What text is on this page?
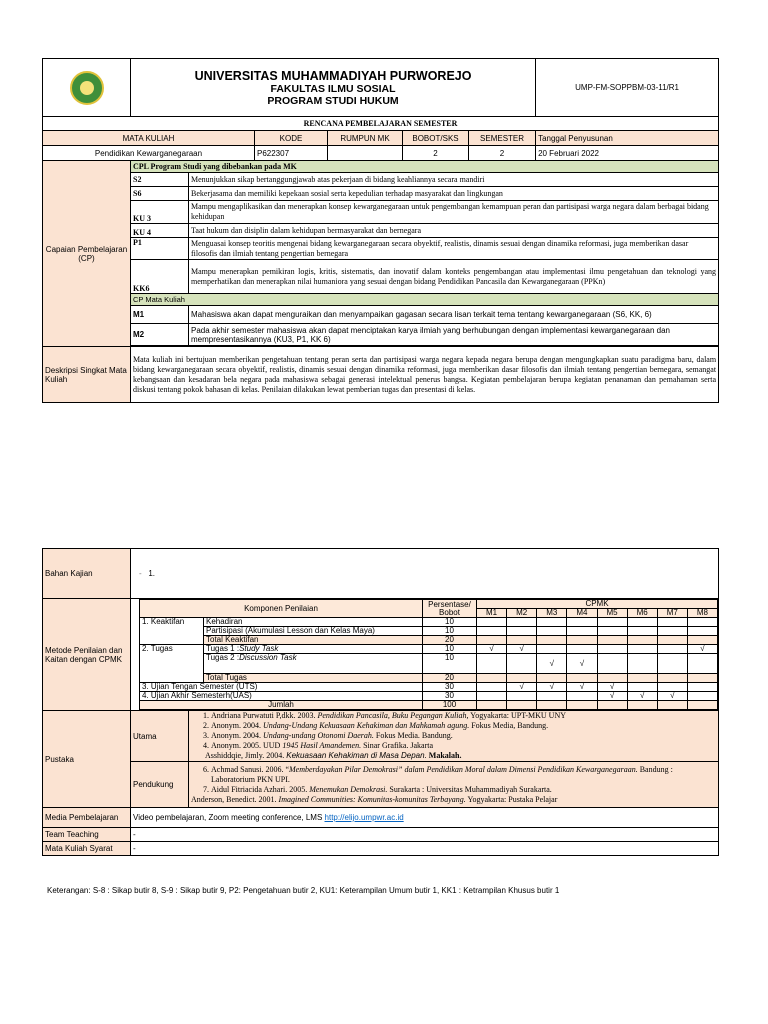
	UNIVERSITAS MUHAMMADIYAH PURWOREJO
FAKULTAS ILMU SOSIAL
PROGRAM STUDI HUKUM						UMP-FM-SOPPBM-03-11/R1
RENCANA PEMBELAJARAN SEMESTER							
MATA KULIAH			KODE	RUMPUN MK	BOBOT/SKS	SEMESTER	Tanggal Penyusunan
Pendidikan Kewarganegaraan			P622307		2	2	20 Februari 2022
Capaian Pembelajaran (CP)	CPL Program Studi yang dibebankan pada MK						
	S2	Menunjukkan sikap bertanggungjawab atas pekerjaan di bidang keahliannya secara mandiri					
	S6	Bekerjasama dan memiliki kepekaan sosial serta kepedulian terhadap masyarakat dan lingkungan					
	KU 3	Mampu mengaplikasikan dan menerapkan konsep kewarganegaraan untuk pengembangan kemampuan peran dan partisipasi warga negara dalam berbagai bidang kehidupan					
	KU 4	Taat hukum dan disiplin dalam kehidupan bermasyarakat dan bernegara					
	P1	Menguasai konsep teoritis mengenai bidang kewarganegaraan secara obyektif, realistis, dinamis sesuai dengan dinamika reformasi, juga memberikan dasar filosofis dan ilmiah tentang pengertian bernegara					
	KK6	Mampu menerapkan pemikiran logis, kritis, sistematis, dan inovatif dalam konteks pengembangan atau implementasi ilmu pengetahuan dan teknologi yang memperhatikan dan menerapkan nilai humaniora yang sesuai dengan bidang Pendidikan Pancasila dan Kewarganegaraan (PPKn)					
	CP Mata Kuliah						
	M1	Mahasiswa akan dapat menguraikan dan menyampaikan gagasan secara lisan terkait tema tentang kewarganegaraan (S6, KK, 6)					
	M2	Pada akhir semester mahasiswa akan dapat menciptakan karya ilmiah yang berhubungan dengan implementasi kewarganegaraan dan mempresentasikannya (KU3, P1, KK 6)					

Deskripsi Singkat Mata Kuliah	Mata kuliah ini bertujuan memberikan pengetahuan tentang peran serta dan partisipasi warga negara kepada negara berupa dengan mengungkapkan suatu paradigma baru, dalam bidang kewarganegaraan secara obyektif, realistis, dinamis sesuai dengan dinamika reformasi, juga memberikan dasar filosofis dan ilmiah tentang pengertian bernegara, semangat kebangsaan dan kesadaran bela negara pada mahasiswa sebagai generasi intelektual penerus bangsa. Kegiatan pembelajaran berupa kegiatan penanaman dan pemahaman serta diskusi tentang pokok bahasan di kelas. Penilaian dilakukan lewat pemberian tugas dan presentasi di kelas.						
Bahan Kajian	- 1.
Metode Penilaian dan Kaitan dengan CPMK	
Komponen Penilaian	Persentase/ Bobot	CPMK
M1	M2	M3	M4	M5	M6	M7	M8
1. Keaktifan	Kehadiran	10								
Partisipasi (Akumulasi Lesson dan Kelas Maya)	10								
Total Keaktifan	20								
2. Tugas	Tugas 1 :Study Task	10	√	√						√
Tugas 2 :Discussion Task	10			√	√				
Total Tugas	20								
3. Ujian Tengan Semester (UTS)	30		√	√	√	√			
4. Ujian Akhir Semesterh(UAS)	30					√	√	√	
Jumlah	100								

Pustaka	Utama	
1. Andriana Purwatuti P,dkk. 2003. Pendidikan Pancasila, Buku Pegangan Kuliah, Yogyakarta: UPT-MKU UNY
2. Anonym. 2004. Undang-Undang Kekuasaan Kehakiman dan Mahkamah agung. Fokus Media, Bandung.
3. Anonym. 2004. Undang-undang Otonomi Daerah. Fokus Media. Bandung.
4. Anonym. 2005. UUD 1945 Hasil Amandemen. Sinar Grafika. Jakarta
Asshiddqie, Jimly. 2004. Kekuasaan Kehakiman di Masa Depan. Makalah.

Pendukung	
6. Achmad Sanusi. 2006. “Memberdayakan Pilar Demokrasi” dalam Pendidikan Moral dalam Dimensi Pendidikan Kewarganegaraan. Bandung : Laboratorium PKN UPI.
7. Aidul Fitriacida Azhari. 2005. Menemukan Demokrasi. Surakarta : Universitas Muhammadiyah Surakarta.
Anderson, Benedict. 2001. Imagined Communities: Komunitas-komunitas Terbayang. Yogyakarta: Pustaka Pelajar

Media Pembelajaran	Video pembelajaran, Zoom meeting conference, LMS http://elijo.umpwr.ac.id
Team Teaching	-
Mata Kuliah Syarat	-
Keterangan: S-8 : Sikap butir 8, S-9 : Sikap butir 9, P2: Pengetahuan butir 2, KU1: Keterampilan Umum butir 1, KK1 : Ketrampilan Khusus butir 1
